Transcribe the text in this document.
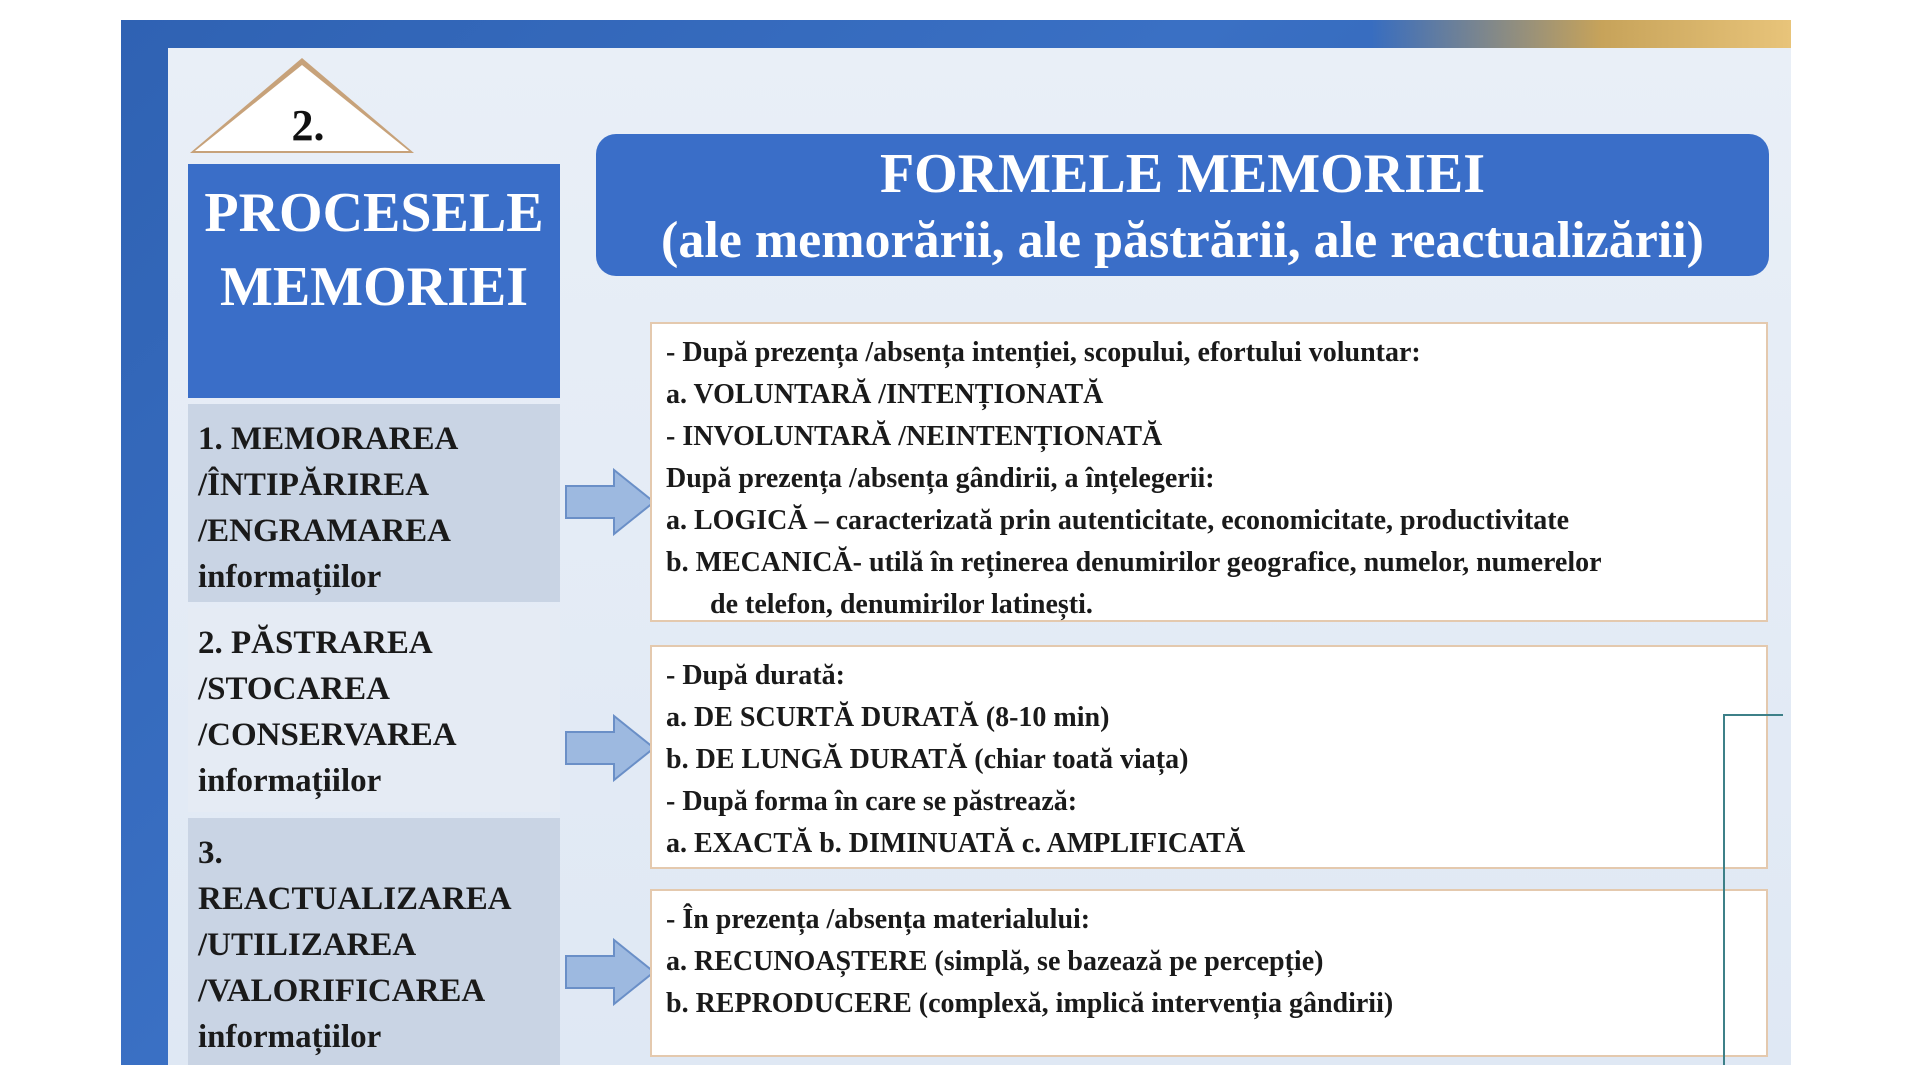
2.
PROCESELE
MEMORIEI
1. MEMORAREA
/ÎNTIPĂRIREA
/ENGRAMAREA
informațiilor
2. PĂSTRAREA
/STOCAREA
/CONSERVAREA
informațiilor
3.
REACTUALIZAREA
/UTILIZAREA
/VALORIFICAREA
informațiilor
FORMELE MEMORIEI
(ale memorării, ale păstrării, ale reactualizării)
- După prezența /absența intenției, scopului, efortului voluntar:
a. VOLUNTARĂ /INTENȚIONATĂ
- INVOLUNTARĂ /NEINTENȚIONATĂ
După prezența /absența gândirii, a înțelegerii:
a. LOGICĂ – caracterizată prin autenticitate, economicitate, productivitate
b. MECANICĂ- utilă în reținerea denumirilor geografice, numelor, numerelor
de telefon, denumirilor latinești.
- După durată:
a. DE SCURTĂ DURATĂ (8-10 min)
b. DE LUNGĂ DURATĂ (chiar toată viața)
- După forma în care se păstrează:
a. EXACTĂ b. DIMINUATĂ c. AMPLIFICATĂ
- În prezența /absența materialului:
a. RECUNOAȘTERE (simplă, se bazează pe percepție)
b. REPRODUCERE (complexă, implică intervenția gândirii)
